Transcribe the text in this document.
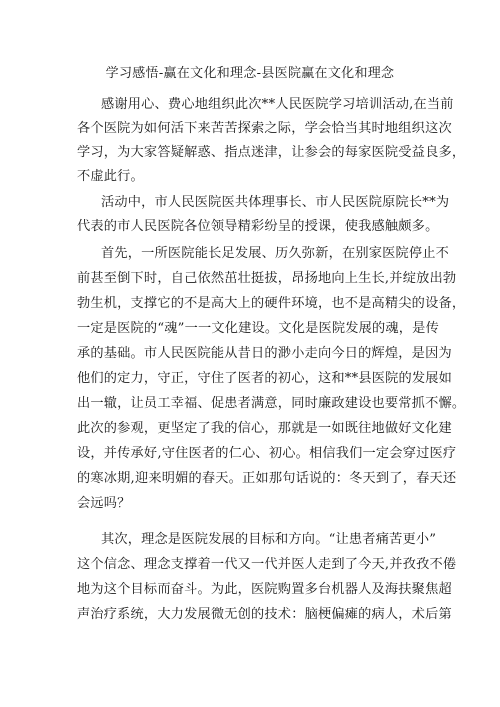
学习感悟-赢在文化和理念-县医院赢在文化和理念
感谢用心、费心地组织此次**人民医院学习培训活动,在当前
各个医院为如何活下来苦苦探索之际，学会恰当其时地组织这次
学习，为大家答疑解惑、指点迷津，让参会的每家医院受益良多，
不虚此行。
活动中，市人民医院医共体理事长、市人民医院原院长**为
代表的市人民医院各位领导精彩纷呈的授课，使我感触颇多。
首先，一所医院能长足发展、历久弥新，在别家医院停止不
前甚至倒下时，自己依然茁壮挺拔，昂扬地向上生长,并绽放出勃
勃生机，支撑它的不是高大上的硬件环境，也不是高精尖的设备，
一定是医院的“魂”一一文化建设。文化是医院发展的魂，是传
承的基础。市人民医院能从昔日的渺小走向今日的辉煌，是因为
他们的定力，守正，守住了医者的初心，这和**县医院的发展如
出一辙，让员工幸福、促患者满意，同时廉政建设也要常抓不懈。
此次的参观，更坚定了我的信心，那就是一如既往地做好文化建
设，并传承好,守住医者的仁心、初心。相信我们一定会穿过医疗
的寒冰期,迎来明媚的春天。正如那句话说的：冬天到了，春天还
会远吗？
其次，理念是医院发展的目标和方向。“让患者痛苦更小”
这个信念、理念支撑着一代又一代并医人走到了今天,并孜孜不倦
地为这个目标而奋斗。为此，医院购置多台机器人及海扶聚焦超
声治疗系统，大力发展微无创的技术：脑梗偏瘫的病人，术后第
